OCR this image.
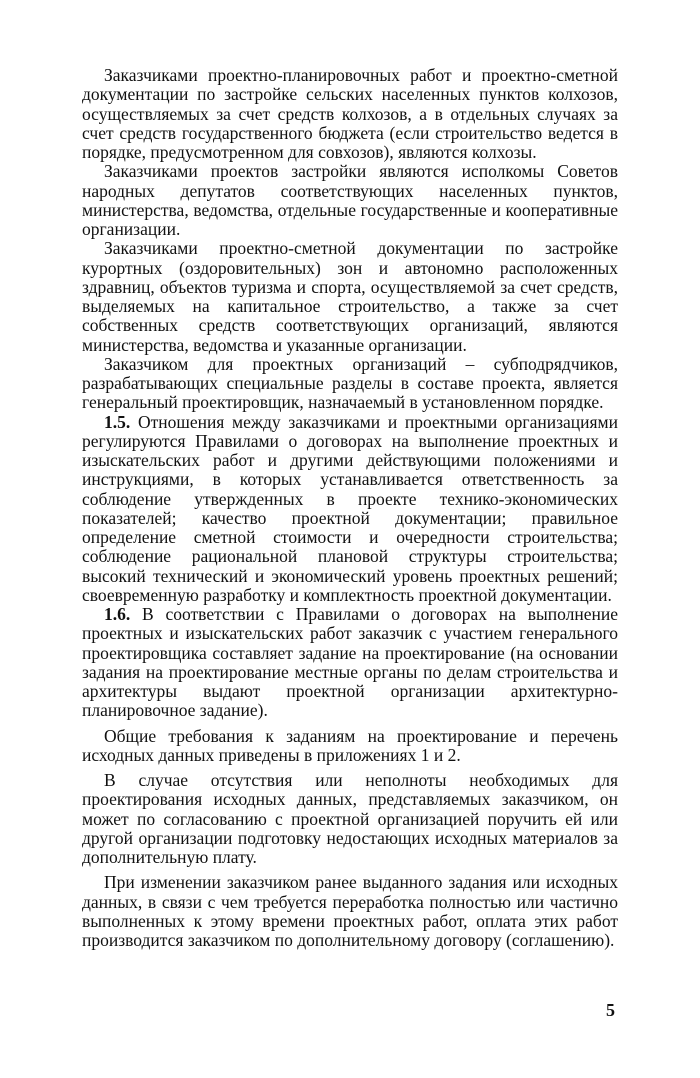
Заказчиками проектно-планировочных работ и проектно-сметной документации по застройке сельских населенных пунктов колхозов, осуществляемых за счет средств колхозов, а в отдельных случаях за счет средств государственного бюджета (если строительство ведется в порядке, предусмотренном для совхозов), являются колхозы.

Заказчиками проектов застройки являются исполкомы Советов народных депутатов соответствующих населенных пунктов, министерства, ведомства, отдельные государственные и кооперативные организации.

Заказчиками проектно-сметной документации по застройке курортных (оздоровительных) зон и автономно расположенных здравниц, объектов туризма и спорта, осуществляемой за счет средств, выделяемых на капитальное строительство, а также за счет собственных средств соответствующих организаций, являются министерства, ведомства и указанные организации.

Заказчиком для проектных организаций – субподрядчиков, разрабатывающих специальные разделы в составе проекта, является генеральный проектировщик, назначаемый в установленном порядке.

1.5. Отношения между заказчиками и проектными организациями регулируются Правилами о договорах на выполнение проектных и изыскательских работ и другими действующими положениями и инструкциями, в которых устанавливается ответственность за соблюдение утвержденных в проекте технико-экономических показателей; качество проектной документации; правильное определение сметной стоимости и очередности строительства; соблюдение рациональной плановой структуры строительства; высокий технический и экономический уровень проектных решений; своевременную разработку и комплектность проектной документации.

1.6. В соответствии с Правилами о договорах на выполнение проектных и изыскательских работ заказчик с участием генерального проектировщика составляет задание на проектирование (на основании задания на проектирование местные органы по делам строительства и архитектуры выдают проектной организации архитектурно-планировочное задание).

Общие требования к заданиям на проектирование и перечень исходных данных приведены в приложениях 1 и 2.

В случае отсутствия или неполноты необходимых для проектирования исходных данных, представляемых заказчиком, он может по согласованию с проектной организацией поручить ей или другой организации подготовку недостающих исходных материалов за дополнительную плату.

При изменении заказчиком ранее выданного задания или исходных данных, в связи с чем требуется переработка полностью или частично выполненных к этому времени проектных работ, оплата этих работ производится заказчиком по дополнительному договору (соглашению).

5
